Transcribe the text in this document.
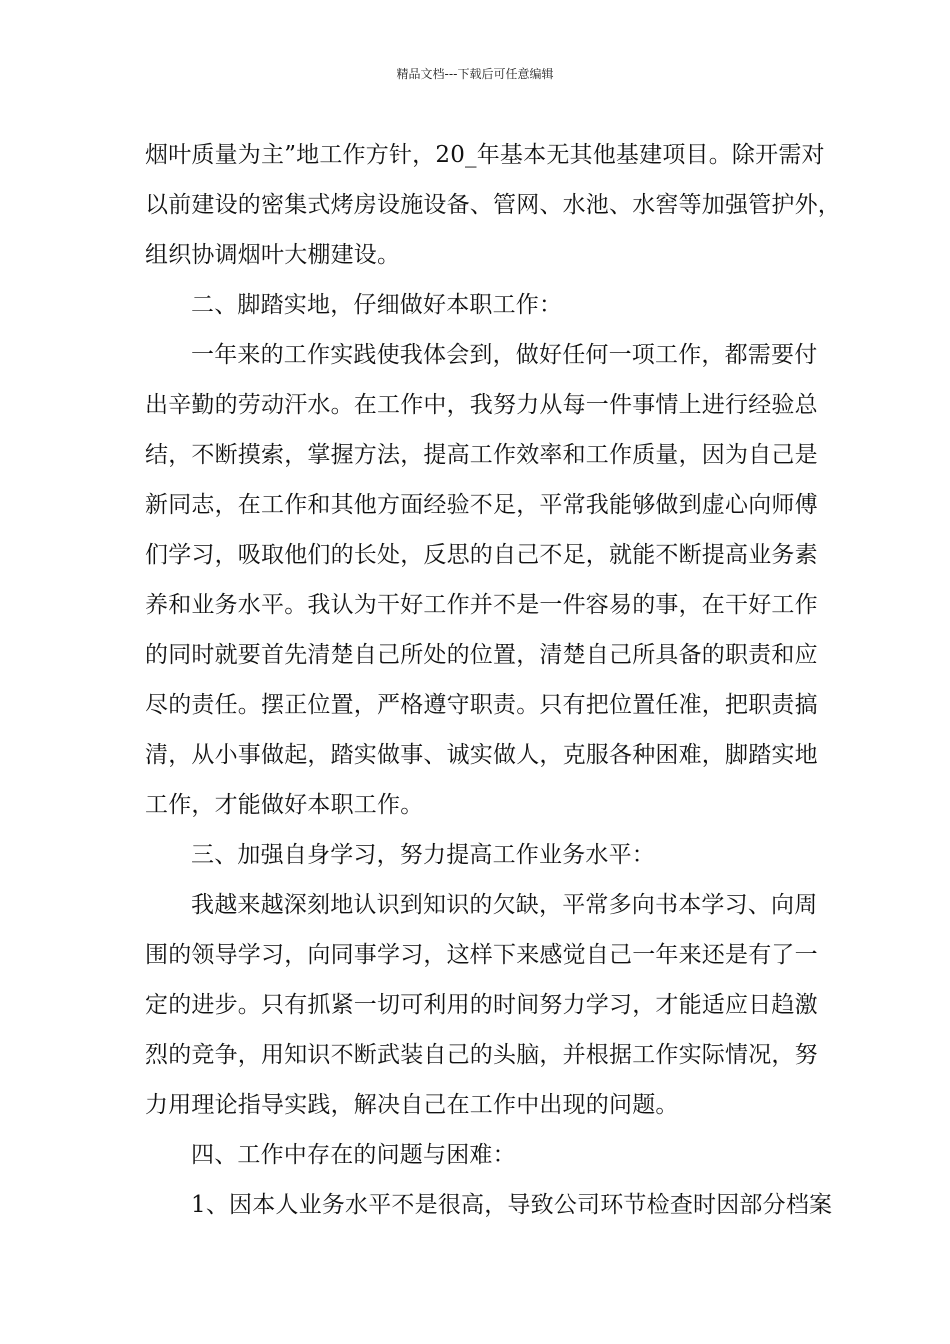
精品文档---下载后可任意编辑
烟叶质量为主”地工作方针，20_年基本无其他基建项目。除开需对
以前建设的密集式烤房设施设备、管网、水池、水窖等加强管护外，
组织协调烟叶大棚建设。
二、脚踏实地，仔细做好本职工作：
一年来的工作实践使我体会到，做好任何一项工作，都需要付
出辛勤的劳动汗水。在工作中，我努力从每一件事情上进行经验总
结，不断摸索，掌握方法，提高工作效率和工作质量，因为自己是
新同志，在工作和其他方面经验不足，平常我能够做到虚心向师傅
们学习，吸取他们的长处，反思的自己不足，就能不断提高业务素
养和业务水平。我认为干好工作并不是一件容易的事，在干好工作
的同时就要首先清楚自己所处的位置，清楚自己所具备的职责和应
尽的责任。摆正位置，严格遵守职责。只有把位置任准，把职责搞
清，从小事做起，踏实做事、诚实做人，克服各种困难，脚踏实地
工作，才能做好本职工作。
三、加强自身学习，努力提高工作业务水平：
我越来越深刻地认识到知识的欠缺，平常多向书本学习、向周
围的领导学习，向同事学习，这样下来感觉自己一年来还是有了一
定的进步。只有抓紧一切可利用的时间努力学习，才能适应日趋激
烈的竞争，用知识不断武装自己的头脑，并根据工作实际情况，努
力用理论指导实践，解决自己在工作中出现的问题。
四、工作中存在的问题与困难：
1、因本人业务水平不是很高，导致公司环节检查时因部分档案
